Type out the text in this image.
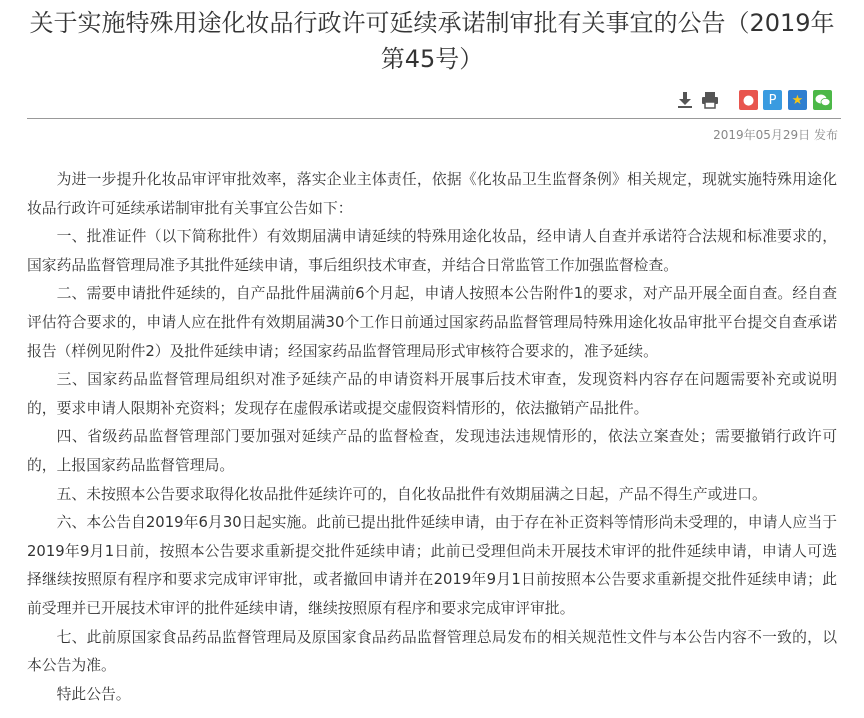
关于实施特殊用途化妆品行政许可延续承诺制审批有关事宜的公告（2019年第45号）
●	P	★
2019年05月29日 发布

为进一步提升化妆品审评审批效率，落实企业主体责任，依据《化妆品卫生监督条例》相关规定，现就实施特殊用途化妆品行政许可延续承诺制审批有关事宜公告如下：

一、批准证件（以下简称批件）有效期届满申请延续的特殊用途化妆品，经申请人自查并承诺符合法规和标准要求的，国家药品监督管理局准予其批件延续申请，事后组织技术审查，并结合日常监管工作加强监督检查。

二、需要申请批件延续的，自产品批件届满前6个月起，申请人按照本公告附件1的要求，对产品开展全面自查。经自查评估符合要求的，申请人应在批件有效期届满30个工作日前通过国家药品监督管理局特殊用途化妆品审批平台提交自查承诺报告（样例见附件2）及批件延续申请；经国家药品监督管理局形式审核符合要求的，准予延续。

三、国家药品监督管理局组织对准予延续产品的申请资料开展事后技术审查，发现资料内容存在问题需要补充或说明的，要求申请人限期补充资料；发现存在虚假承诺或提交虚假资料情形的，依法撤销产品批件。

四、省级药品监督管理部门要加强对延续产品的监督检查，发现违法违规情形的，依法立案查处；需要撤销行政许可的，上报国家药品监督管理局。

五、未按照本公告要求取得化妆品批件延续许可的，自化妆品批件有效期届满之日起，产品不得生产或进口。

六、本公告自2019年6月30日起实施。此前已提出批件延续申请，由于存在补正资料等情形尚未受理的，申请人应当于2019年9月1日前，按照本公告要求重新提交批件延续申请；此前已受理但尚未开展技术审评的批件延续申请，申请人可选择继续按照原有程序和要求完成审评审批，或者撤回申请并在2019年9月1日前按照本公告要求重新提交批件延续申请；此前受理并已开展技术审评的批件延续申请，继续按照原有程序和要求完成审评审批。

七、此前原国家食品药品监督管理局及原国家食品药品监督管理总局发布的相关规范性文件与本公告内容不一致的，以本公告为准。

特此公告。
